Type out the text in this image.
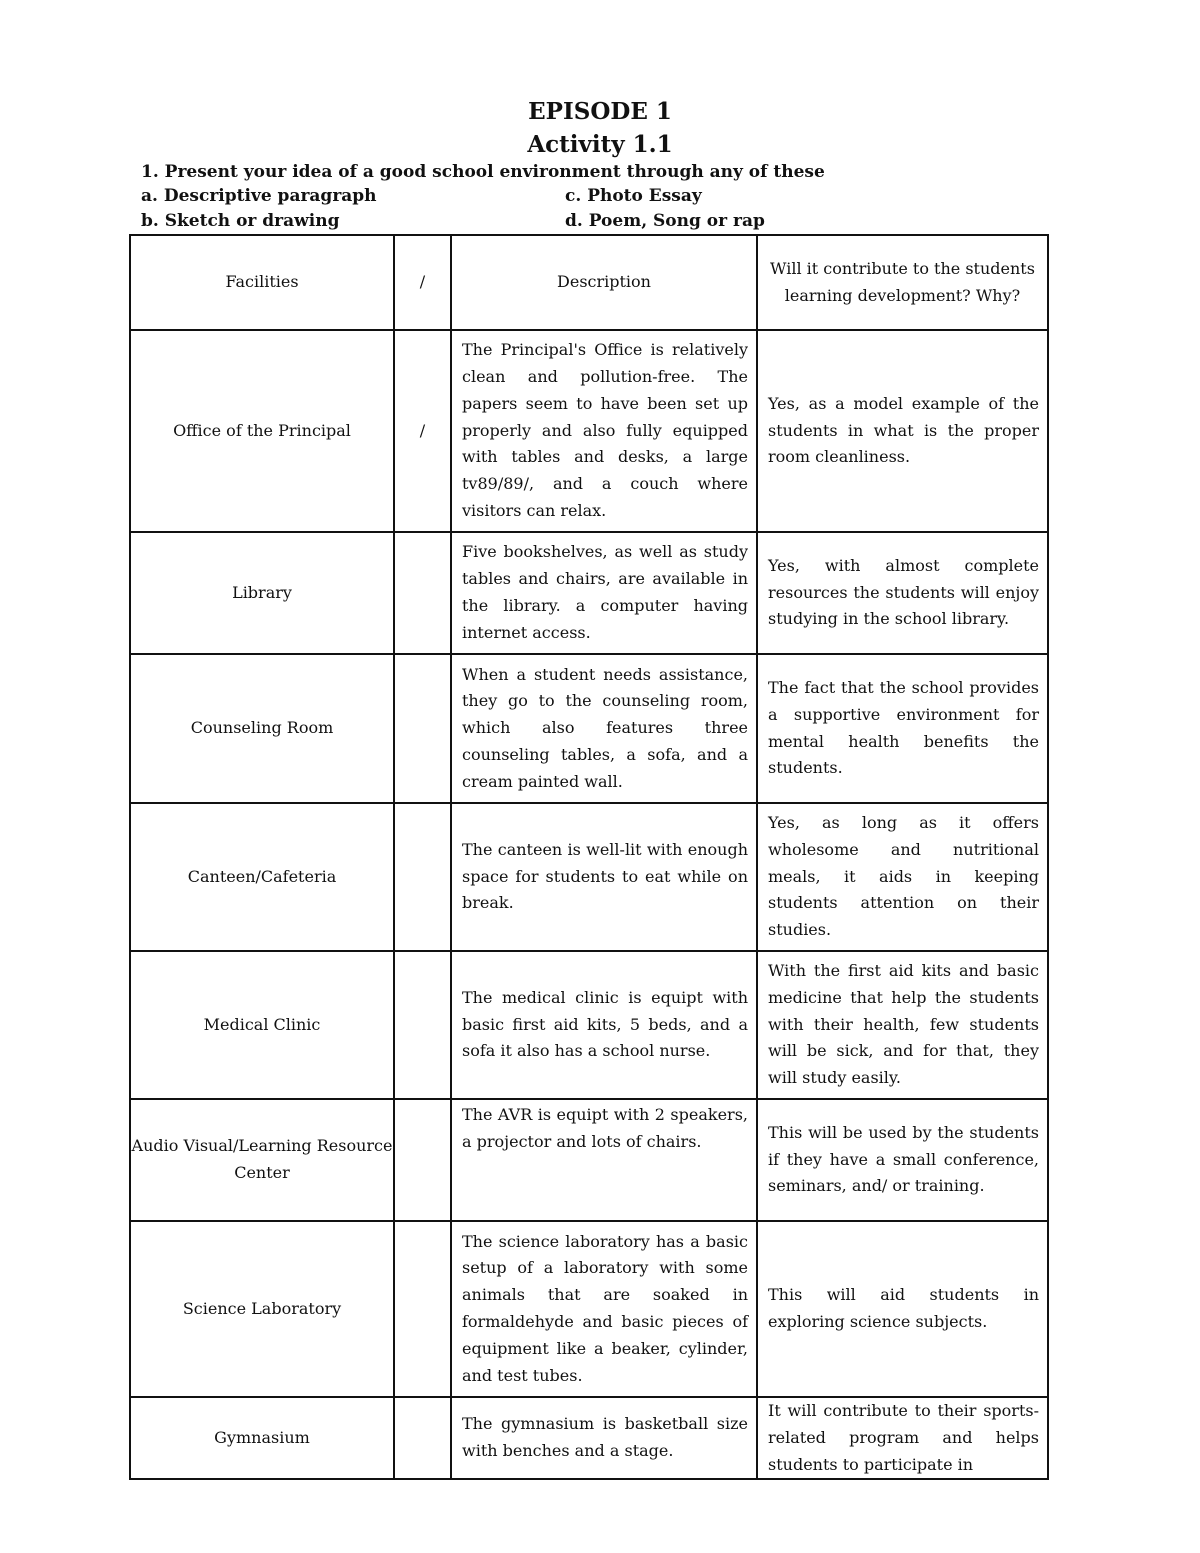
EPISODE 1
Activity 1.1
1. Present your idea of a good school environment through any of these
a. Descriptive paragraph	c. Photo Essay
b. Sketch or drawing	d. Poem, Song or rap
Facilities	/	Description	Will it contribute to the students learning development? Why?
Office of the Principal	/	The Principal's Office is relatively clean and pollution-free. The papers seem to have been set up properly and also fully equipped with tables and desks, a large tv89/89/, and a couch where visitors can relax.	Yes, as a model example of the students in what is the proper room cleanliness.
Library		Five bookshelves, as well as study tables and chairs, are available in the library. a computer having internet access.	Yes, with almost complete resources the students will enjoy studying in the school library.
Counseling Room		When a student needs assistance, they go to the counseling room, which also features three counseling tables, a sofa, and a cream painted wall.	The fact that the school provides a supportive environment for mental health benefits the students.
Canteen/Cafeteria		The canteen is well-lit with enough space for students to eat while on break.	Yes, as long as it offers wholesome and nutritional meals, it aids in keeping students attention on their studies.
Medical Clinic		The medical clinic is equipt with basic first aid kits, 5 beds, and a sofa it also has a school nurse.	With the first aid kits and basic medicine that help the students with their health, few students will be sick, and for that, they will study easily.
Audio Visual/Learning Resource Center		The AVR is equipt with 2 speakers, a projector and lots of chairs.	This will be used by the students if they have a small conference, seminars, and/ or training.
Science Laboratory		The science laboratory has a basic setup of a laboratory with some animals that are soaked in formaldehyde and basic pieces of equipment like a beaker, cylinder, and test tubes.	This will aid students in exploring science subjects.
Gymnasium		The gymnasium is basketball size with benches and a stage.	It will contribute to their sports-related program and helps students to participate in
